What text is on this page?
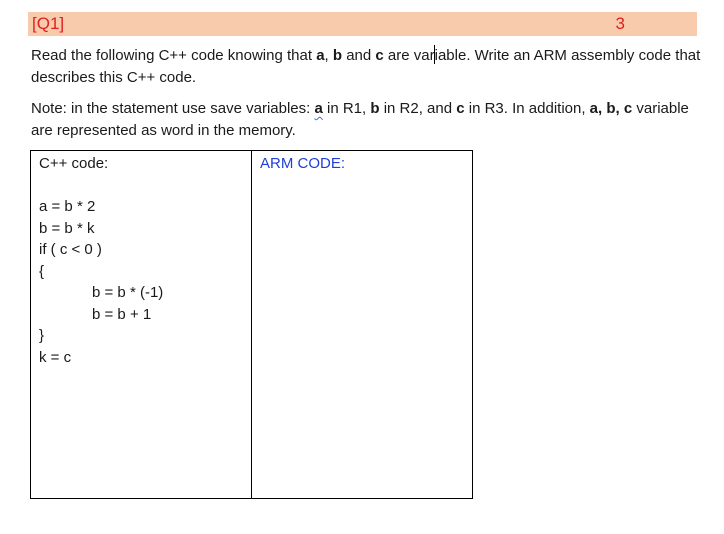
[Q1]	3
Read the following C++ code knowing that a, b and c are variable. Write an ARM assembly code that describes this C++ code.
Note: in the statement use save variables: a in R1, b in R2, and c in R3. In addition, a, b, c variable are represented as word in the memory.
C++ code:
a = b * 2
b = b * k
if ( c < 0 )
{
b = b * (-1)
b = b + 1
}
k = c
ARM CODE:
